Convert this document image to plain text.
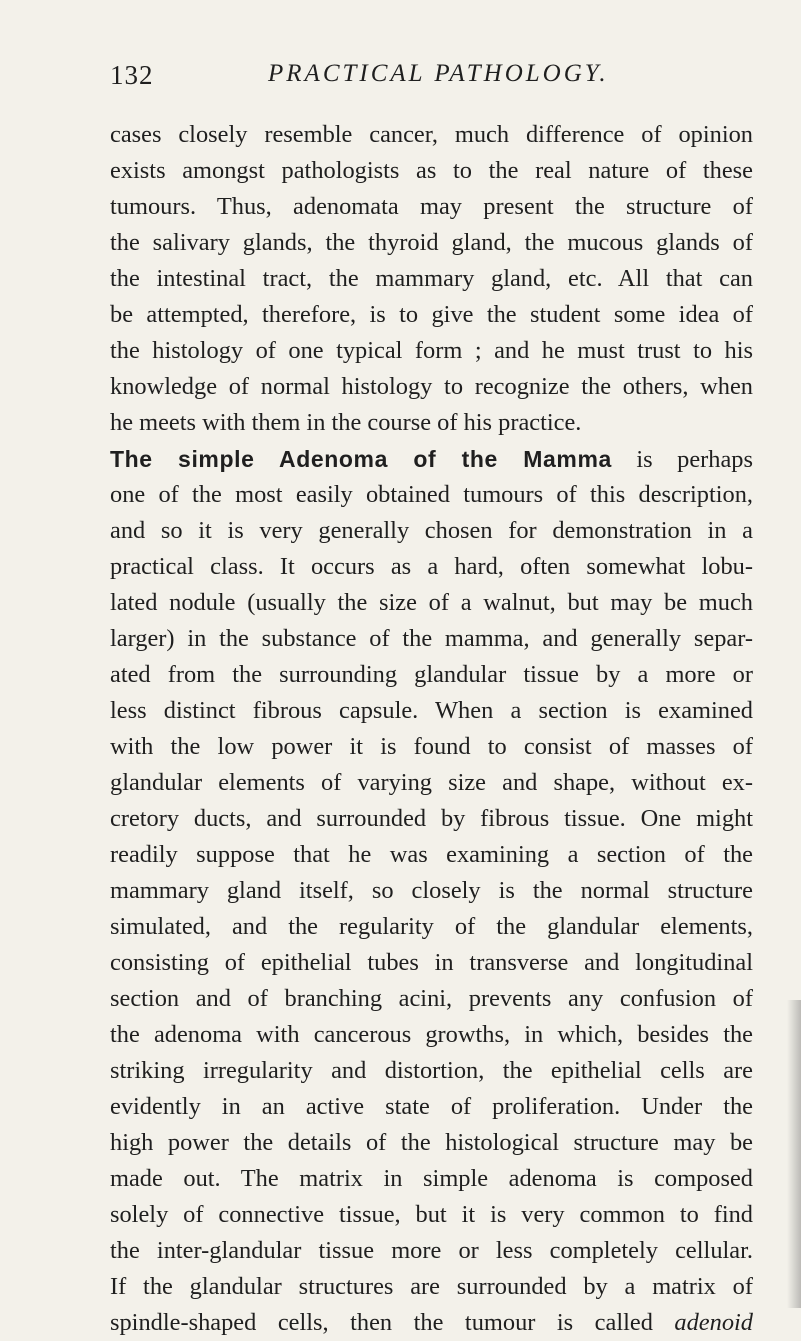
132	PRACTICAL PATHOLOGY.
cases closely resemble cancer, much difference of opinion
exists amongst pathologists as to the real nature of these
tumours. Thus, adenomata may present the structure of
the salivary glands, the thyroid gland, the mucous glands of
the intestinal tract, the mammary gland, etc. All that can
be attempted, therefore, is to give the student some idea of
the histology of one typical form ; and he must trust to his
knowledge of normal histology to recognize the others, when
he meets with them in the course of his practice.
The simple Adenoma of the Mamma is perhaps
one of the most easily obtained tumours of this description,
and so it is very generally chosen for demonstration in a
practical class. It occurs as a hard, often somewhat lobu-
lated nodule (usually the size of a walnut, but may be much
larger) in the substance of the mamma, and generally separ-
ated from the surrounding glandular tissue by a more or
less distinct fibrous capsule. When a section is examined
with the low power it is found to consist of masses of
glandular elements of varying size and shape, without ex-
cretory ducts, and surrounded by fibrous tissue. One might
readily suppose that he was examining a section of the
mammary gland itself, so closely is the normal structure
simulated, and the regularity of the glandular elements,
consisting of epithelial tubes in transverse and longitudinal
section and of branching acini, prevents any confusion of
the adenoma with cancerous growths, in which, besides the
striking irregularity and distortion, the epithelial cells are
evidently in an active state of proliferation. Under the
high power the details of the histological structure may be
made out. The matrix in simple adenoma is composed
solely of connective tissue, but it is very common to find
the inter-glandular tissue more or less completely cellular.
If the glandular structures are surrounded by a matrix of
spindle-shaped cells, then the tumour is called adenoid
